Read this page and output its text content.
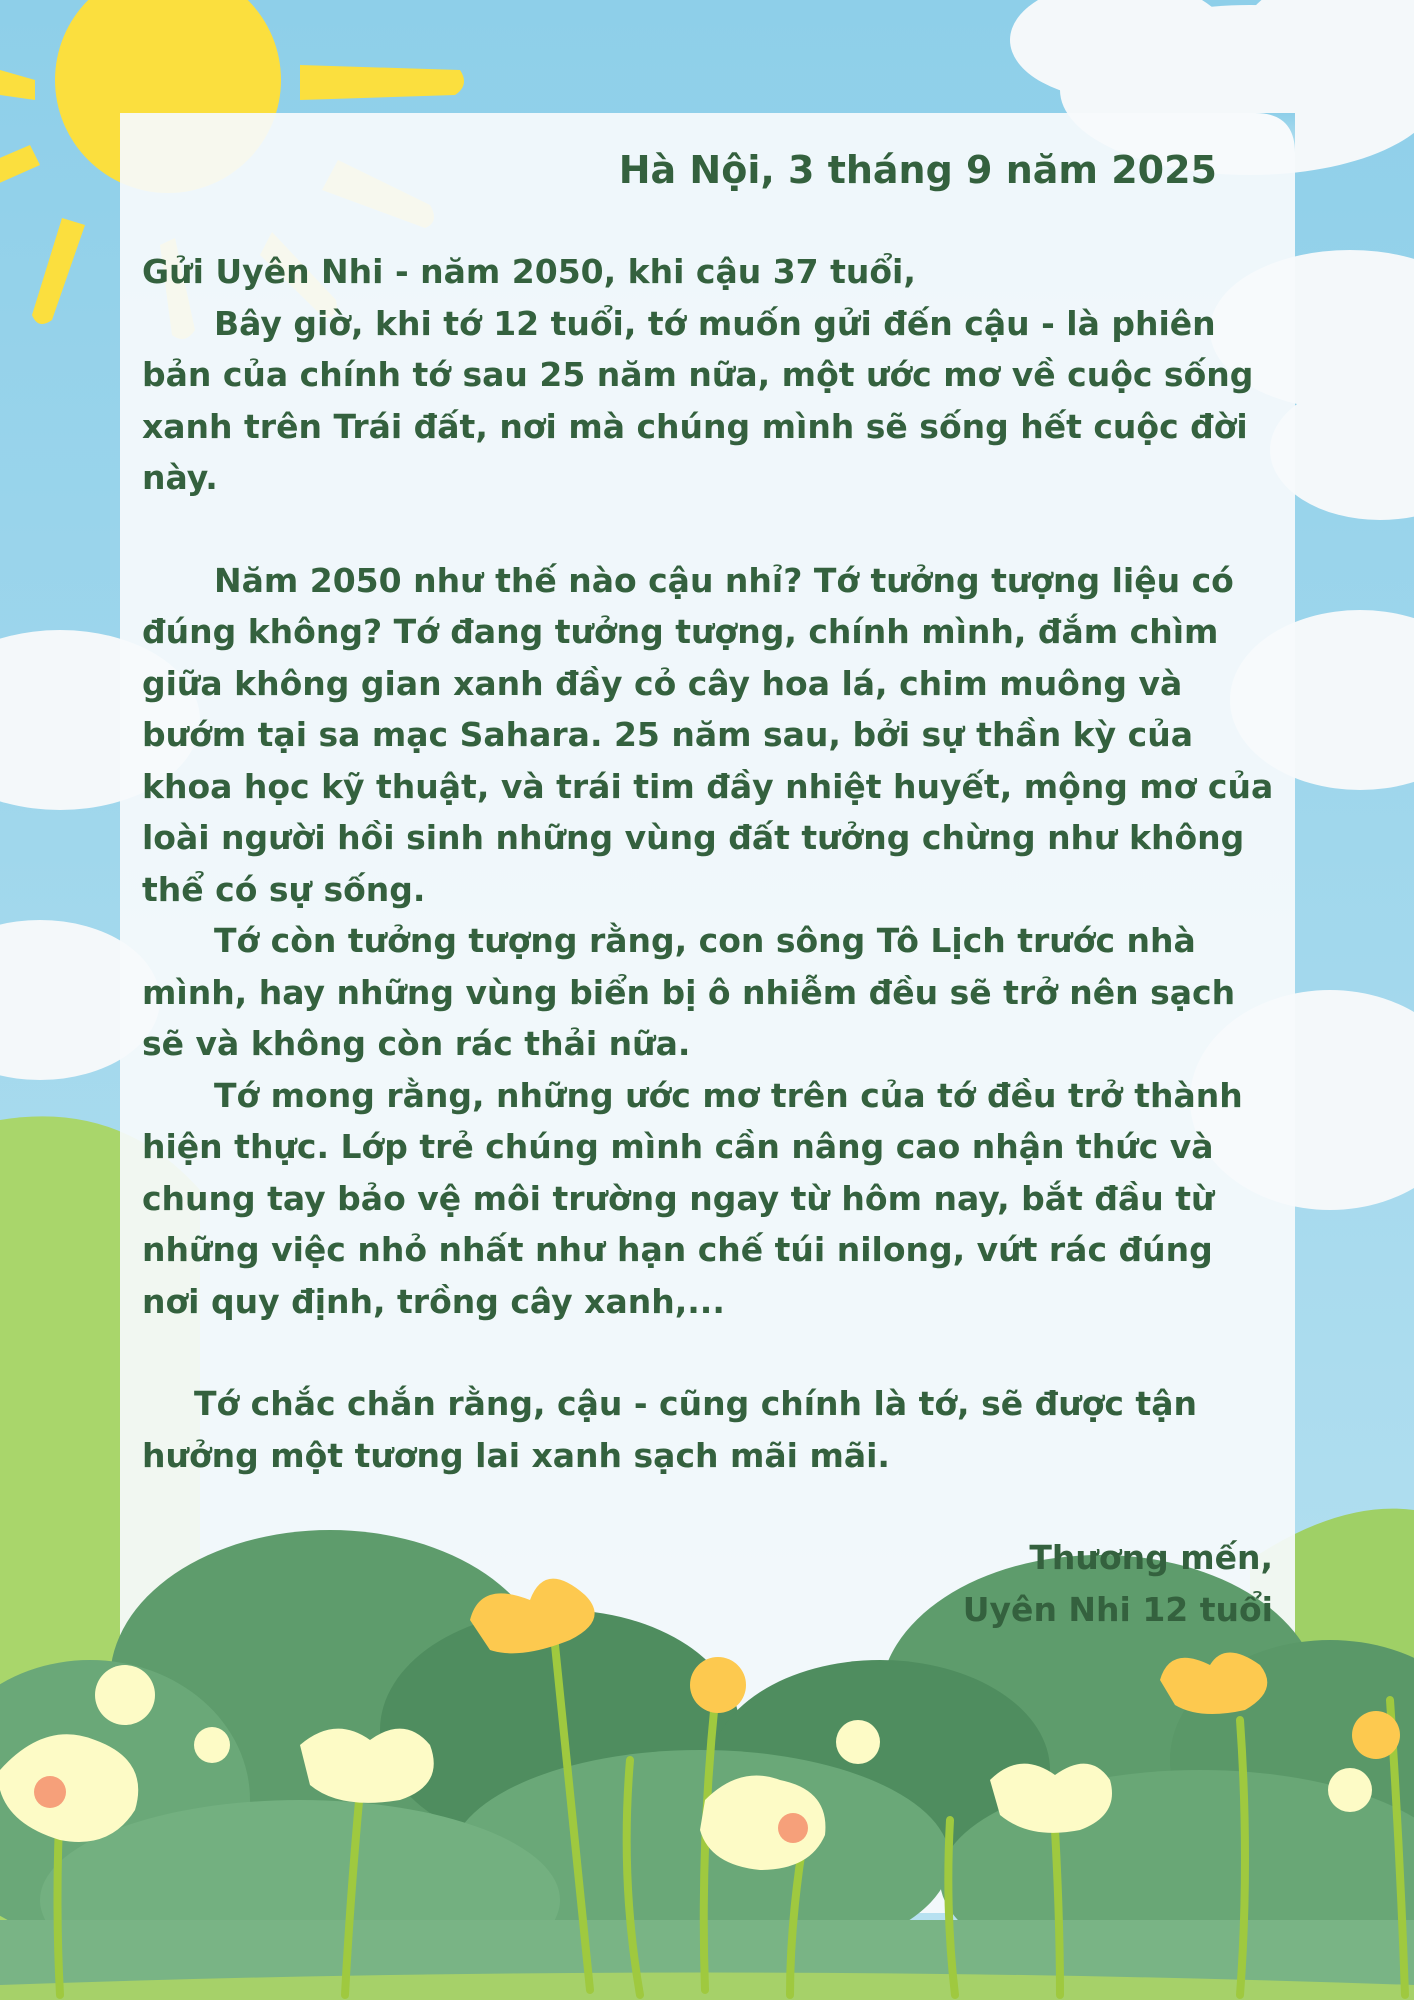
Hà Nội, 3 tháng 9 năm 2025
Gửi Uyên Nhi - năm 2050, khi cậu 37 tuổi,

Bây giờ, khi tớ 12 tuổi, tớ muốn gửi đến cậu - là phiên bản của chính tớ sau 25 năm nữa, một ước mơ về cuộc sống xanh trên Trái đất, nơi mà chúng mình sẽ sống hết cuộc đời này.

Năm 2050 như thế nào cậu nhỉ? Tớ tưởng tượng liệu có đúng không? Tớ đang tưởng tượng, chính mình, đắm chìm giữa không gian xanh đầy cỏ cây hoa lá, chim muông và bướm tại sa mạc Sahara. 25 năm sau, bởi sự thần kỳ của khoa học kỹ thuật, và trái tim đầy nhiệt huyết, mộng mơ của loài người hồi sinh những vùng đất tưởng chừng như không thể có sự sống.

Tớ còn tưởng tượng rằng, con sông Tô Lịch trước nhà mình, hay những vùng biển bị ô nhiễm đều sẽ trở nên sạch sẽ và không còn rác thải nữa.

Tớ mong rằng, những ước mơ trên của tớ đều trở thành hiện thực. Lớp trẻ chúng mình cần nâng cao nhận thức và chung tay bảo vệ môi trường ngay từ hôm nay, bắt đầu từ những việc nhỏ nhất như hạn chế túi nilong, vứt rác đúng nơi quy định, trồng cây xanh,...

Tớ chắc chắn rằng, cậu - cũng chính là tớ, sẽ được tận hưởng một tương lai xanh sạch mãi mãi.

Thương mến,
Uyên Nhi 12 tuổi
